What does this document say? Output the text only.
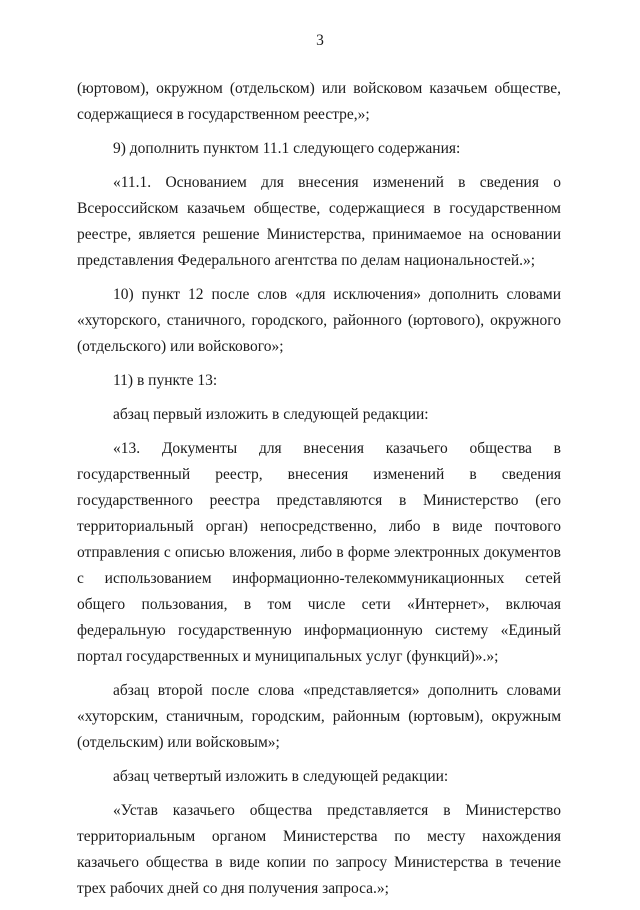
3

(юртовом), окружном (отдельском) или войсковом казачьем обществе, содержащиеся в государственном реестре,»;

9) дополнить пунктом 11.1 следующего содержания:

«11.1. Основанием для внесения изменений в сведения о Всероссийском казачьем обществе, содержащиеся в государственном реестре, является решение Министерства, принимаемое на основании представления Федерального агентства по делам национальностей.»;

10) пункт 12 после слов «для исключения» дополнить словами «хуторского, станичного, городского, районного (юртового), окружного (отдельского) или войскового»;

11) в пункте 13:

абзац первый изложить в следующей редакции:

«13. Документы для внесения казачьего общества в государственный реестр, внесения изменений в сведения государственного реестра представляются в Министерство (его территориальный орган) непосредственно, либо в виде почтового отправления с описью вложения, либо в форме электронных документов с использованием информационно-телекоммуникационных сетей общего пользования, в том числе сети «Интернет», включая федеральную государственную информационную систему «Единый портал государственных и муниципальных услуг (функций)».»;

абзац второй после слова «представляется» дополнить словами «хуторским, станичным, городским, районным (юртовым), окружным (отдельским) или войсковым»;

абзац четвертый изложить в следующей редакции:

«Устав казачьего общества представляется в Министерство территориальным органом Министерства по месту нахождения казачьего общества в виде копии по запросу Министерства в течение трех рабочих дней со дня получения запроса.»;
